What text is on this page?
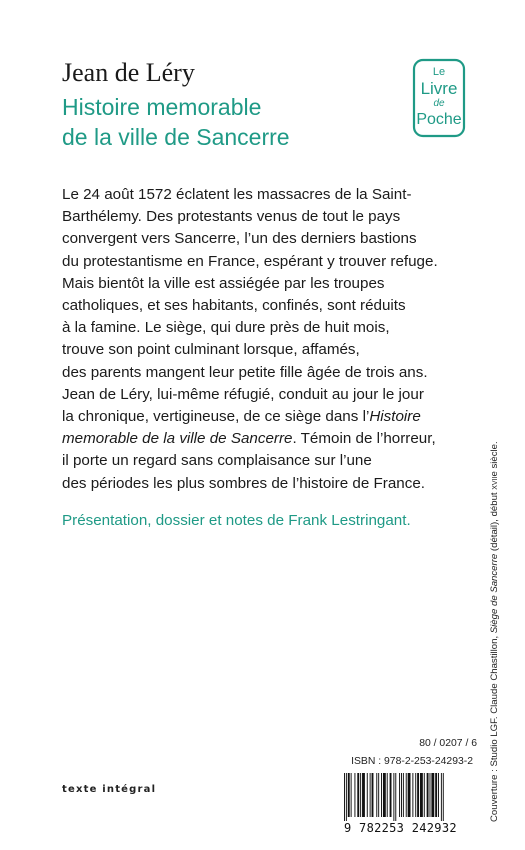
Jean de Léry
Histoire memorable
de la ville de Sancerre
Le
Livre
de
Poche

Le 24 août 1572 éclatent les massacres de la Saint-
Barthélemy. Des protestants venus de tout le pays
convergent vers Sancerre, l’un des derniers bastions
du protestantisme en France, espérant y trouver refuge.
Mais bientôt la ville est assiégée par les troupes
catholiques, et ses habitants, confinés, sont réduits
à la famine. Le siège, qui dure près de huit mois,
trouve son point culminant lorsque, affamés,
des parents mangent leur petite fille âgée de trois ans.
Jean de Léry, lui-même réfugié, conduit au jour le jour
la chronique, vertigineuse, de ce siège dans l’Histoire
memorable de la ville de Sancerre. Témoin de l’horreur,
il porte un regard sans complaisance sur l’une
des périodes les plus sombres de l’histoire de France.

Présentation, dossier et notes de Frank Lestringant.

Couverture : Studio LGF. Claude Chastillon, Siège de Sancerre (détail), début XVIIe siècle.
texte intégral
80 / 0207 / 6
ISBN : 978-2-253-24293-2
9 782253 242932
